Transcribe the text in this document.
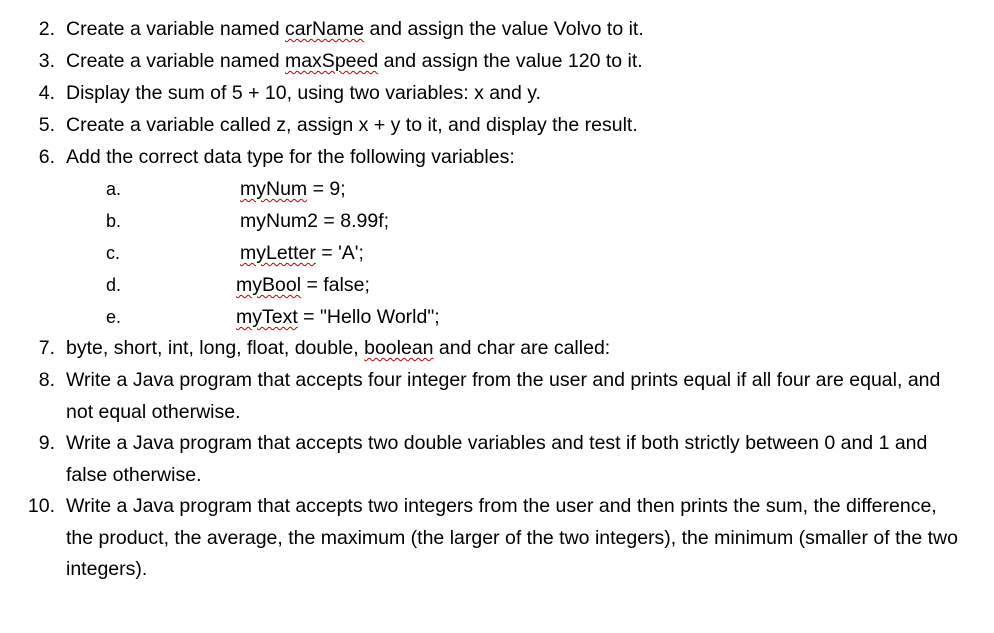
2. Create a variable named carName and assign the value Volvo to it.
3. Create a variable named maxSpeed and assign the value 120 to it.
4. Display the sum of 5 + 10, using two variables: x and y.
5. Create a variable called z, assign x + y to it, and display the result.
6. Add the correct data type for the following variables:
a.	myNum = 9;
b.	myNum2 = 8.99f;
c.	myLetter = 'A';
d.	myBool = false;
e.	myText = "Hello World";
7. byte, short, int, long, float, double, boolean and char are called:
8. Write a Java program that accepts four integer from the user and prints equal if all four are equal, and not equal otherwise.
9. Write a Java program that accepts two double variables and test if both strictly between 0 and 1 and false otherwise.
10. Write a Java program that accepts two integers from the user and then prints the sum, the difference, the product, the average, the maximum (the larger of the two integers), the minimum (smaller of the two integers).
